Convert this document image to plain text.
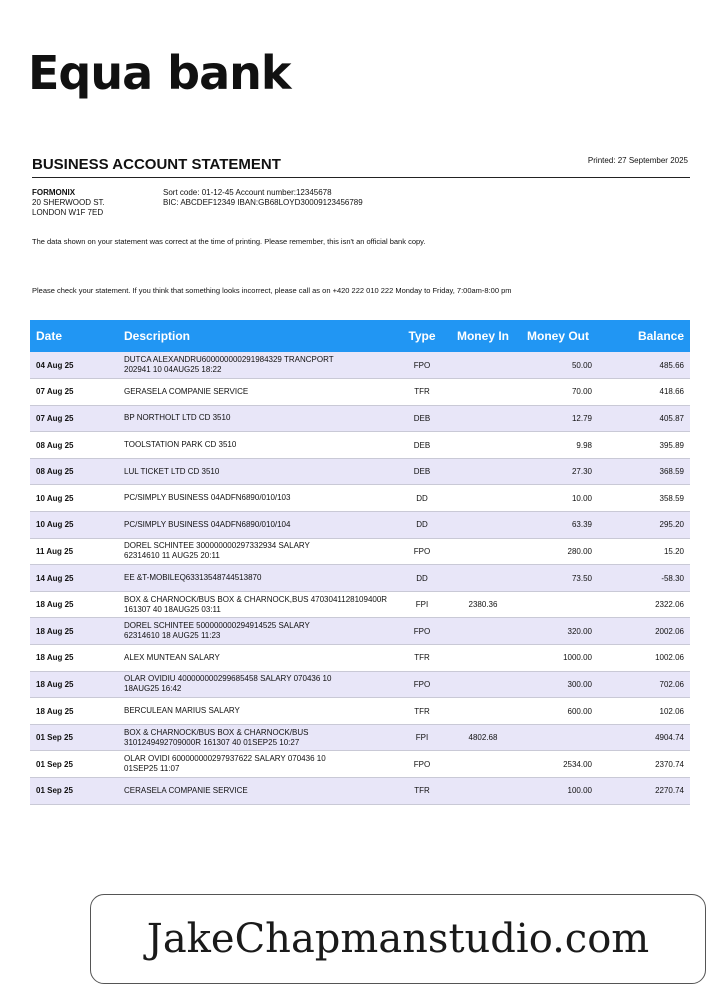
Equa bank
BUSINESS ACCOUNT STATEMENT	Printed: 27 September 2025
FORMONIX
20 SHERWOOD ST.
LONDON W1F 7ED
Sort code: 01-12-45 Account number:12345678
BIC: ABCDEF12349 IBAN:GB68LOYD30009123456789
The data shown on your statement was correct at the time of printing. Please remember, this isn't an official bank copy.
Please check your statement. If you think that something looks incorrect, please call as on +420 222 010 222 Monday to Friday, 7:00am-8:00 pm
Date	Description	Type	Money In	Money Out	Balance
04 Aug 25	DUTCA ALEXANDRU600000000291984329 TRANCPORT
202941 10 04AUG25 18:22	FPO		50.00	485.66
07 Aug 25	GERASELA COMPANIE SERVICE	TFR		70.00	418.66
07 Aug 25	BP NORTHOLT LTD CD 3510	DEB		12.79	405.87
08 Aug 25	TOOLSTATION PARK CD 3510	DEB		9.98	395.89
08 Aug 25	LUL TICKET LTD CD 3510	DEB		27.30	368.59
10 Aug 25	PC/SIMPLY BUSINESS 04ADFN6890/010/103	DD		10.00	358.59
10 Aug 25	PC/SIMPLY BUSINESS 04ADFN6890/010/104	DD		63.39	295.20
11 Aug 25	DOREL SCHINTEE 300000000297332934 SALARY
62314610 11 AUG25 20:11	FPO		280.00	15.20
14 Aug 25	EE &T-MOBILEQ63313548744513870	DD		73.50	-58.30
18 Aug 25	BOX & CHARNOCK/BUS BOX & CHARNOCK,BUS 4703041128109400R
161307 40 18AUG25 03:11	FPI	2380.36		2322.06
18 Aug 25	DOREL SCHINTEE 500000000294914525 SALARY
62314610 18 AUG25 11:23	FPO		320.00	2002.06
18 Aug 25	ALEX MUNTEAN SALARY	TFR		1000.00	1002.06
18 Aug 25	OLAR OVIDIU 400000000299685458 SALARY 070436 10
18AUG25 16:42	FPO		300.00	702.06
18 Aug 25	BERCULEAN MARIUS SALARY	TFR		600.00	102.06
01 Sep 25	BOX & CHARNOCK/BUS BOX & CHARNOCK/BUS
3101249492709000R 161307 40 01SEP25 10:27	FPI	4802.68		4904.74
01 Sep 25	OLAR OVIDI 600000000297937622 SALARY 070436 10
01SEP25 11:07	FPO		2534.00	2370.74
01 Sep 25	CERASELA COMPANIE SERVICE	TFR		100.00	2270.74
JakeChapmanstudio.com
